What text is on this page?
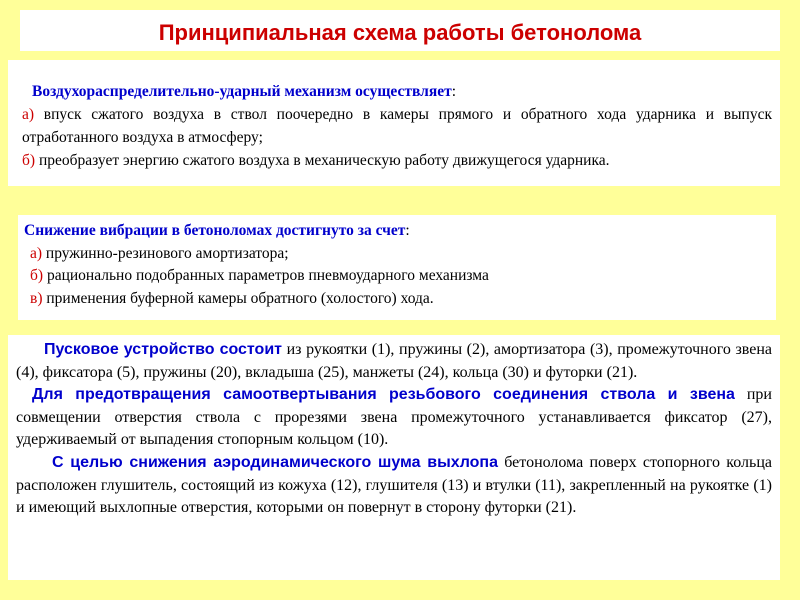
Принципиальная схема работы бетонолома

Воздухораспределительно-ударный механизм осуществляет:

а) впуск сжатого воздуха в ствол поочередно в камеры прямого и обратного хода ударника и выпуск отработанного воздуха в атмосферу;

б) преобразует энергию сжатого воздуха в механическую работу движущегося ударника.

Снижение вибрации в бетоноломах достигнуто за счет:

а) пружинно-резинового амортизатора;

б) рационально подобранных параметров пневмоударного механизма

в) применения буферной камеры обратного (холостого) хода.

Пусковое устройство состоит из рукоятки (1), пружины (2), амортизатора (3), промежуточного звена (4), фиксатора (5), пружины (20), вкладыша (25), манжеты (24), кольца (30) и футорки (21).

Для предотвращения самоотвертывания резьбового соединения ствола и звена при совмещении отверстия ствола с прорезями звена промежуточного устанавливается фиксатор (27), удерживаемый от выпадения стопорным кольцом (10).

С целью снижения аэродинамического шума выхлопа бетонолома поверх стопорного кольца расположен глушитель, состоящий из кожуха (12), глушителя (13) и втулки (11), закрепленный на рукоятке (1) и имеющий выхлопные отверстия, которыми он повернут в сторону футорки (21).
